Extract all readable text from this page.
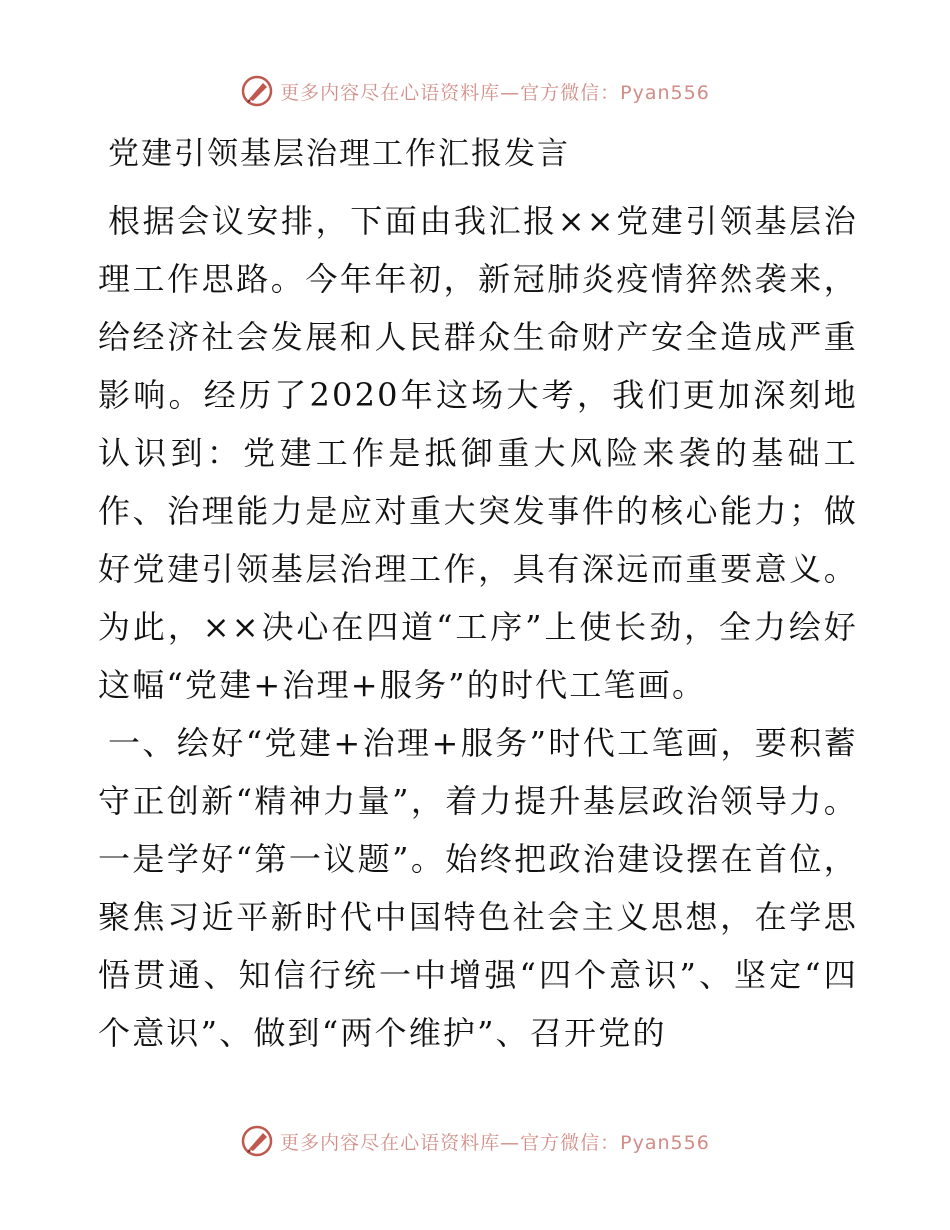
更多内容尽在心语资料库—官方微信：Pyan556
党建引领基层治理工作汇报发言

根据会议安排，下面由我汇报××党建引领基层治理工作思路。今年年初，新冠肺炎疫情猝然袭来，给经济社会发展和人民群众生命财产安全造成严重影响。经历了2020年这场大考，我们更加深刻地认识到：党建工作是抵御重大风险来袭的基础工作、治理能力是应对重大突发事件的核心能力；做好党建引领基层治理工作，具有深远而重要意义。为此，××决心在四道“工序”上使长劲，全力绘好这幅“党建+治理+服务”的时代工笔画。

一、绘好“党建+治理+服务”时代工笔画，要积蓄守正创新“精神力量”，着力提升基层政治领导力。一是学好“第一议题”。始终把政治建设摆在首位，聚焦习近平新时代中国特色社会主义思想，在学思悟贯通、知信行统一中增强“四个意识”、坚定“四个意识”、做到“两个维护”、召开党的

更多内容尽在心语资料库—官方微信：Pyan556
